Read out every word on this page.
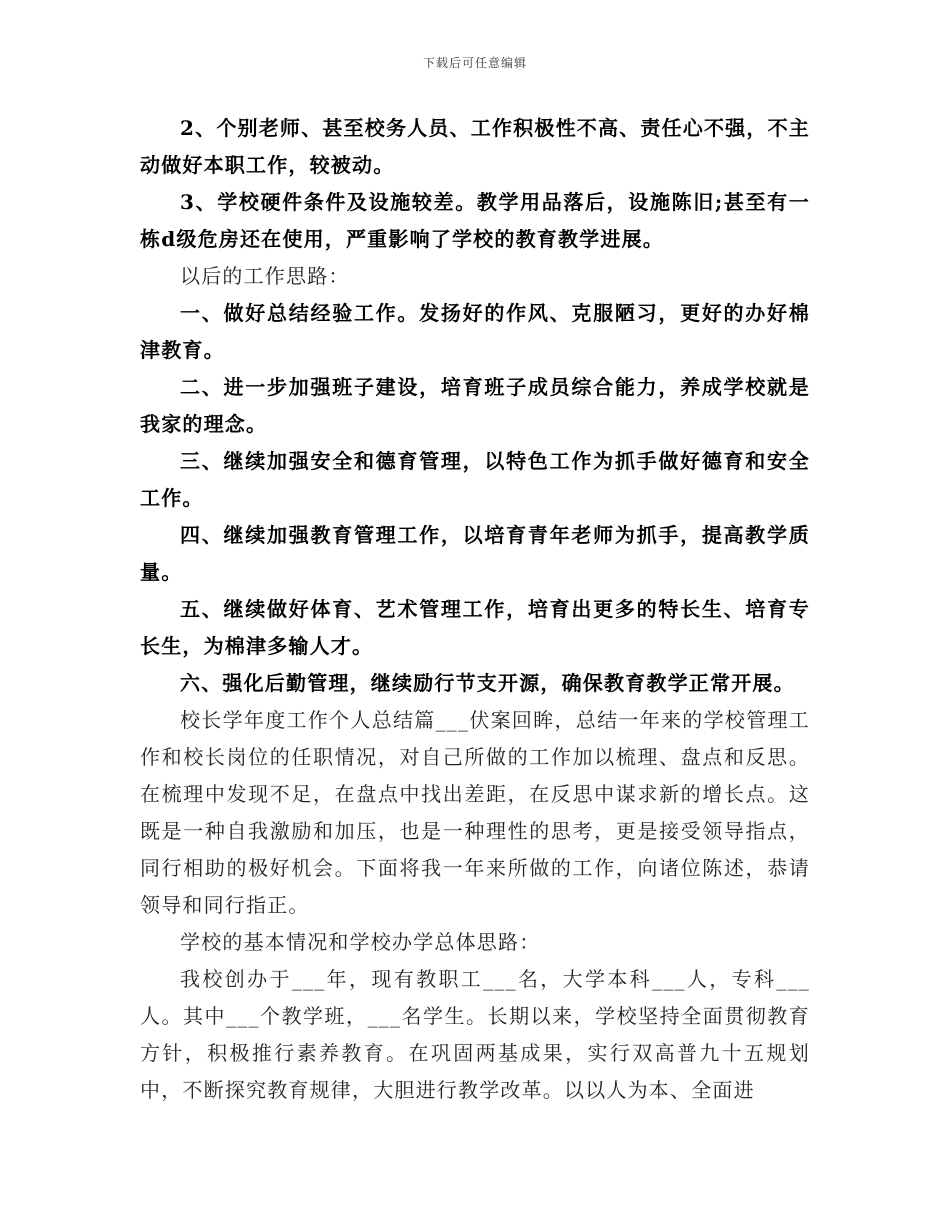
下载后可任意编辑

2、个别老师、甚至校务人员、工作积极性不高、责任心不强，不主动做好本职工作，较被动。

3、学校硬件条件及设施较差。教学用品落后，设施陈旧;甚至有一栋d级危房还在使用，严重影响了学校的教育教学进展。

以后的工作思路：

一、做好总结经验工作。发扬好的作风、克服陋习，更好的办好棉津教育。

二、进一步加强班子建设，培育班子成员综合能力，养成学校就是我家的理念。

三、继续加强安全和德育管理，以特色工作为抓手做好德育和安全工作。

四、继续加强教育管理工作，以培育青年老师为抓手，提高教学质量。

五、继续做好体育、艺术管理工作，培育出更多的特长生、培育专长生，为棉津多输人才。

六、强化后勤管理，继续励行节支开源，确保教育教学正常开展。

校长学年度工作个人总结篇___伏案回眸，总结一年来的学校管理工作和校长岗位的任职情况，对自己所做的工作加以梳理、盘点和反思。在梳理中发现不足，在盘点中找出差距，在反思中谋求新的增长点。这既是一种自我激励和加压，也是一种理性的思考，更是接受领导指点，同行相助的极好机会。下面将我一年来所做的工作，向诸位陈述，恭请领导和同行指正。

学校的基本情况和学校办学总体思路：

我校创办于___年，现有教职工___名，大学本科___人，专科___人。其中___个教学班，___名学生。长期以来，学校坚持全面贯彻教育方针，积极推行素养教育。在巩固两基成果，实行双高普九十五规划中，不断探究教育规律，大胆进行教学改革。以以人为本、全面进
